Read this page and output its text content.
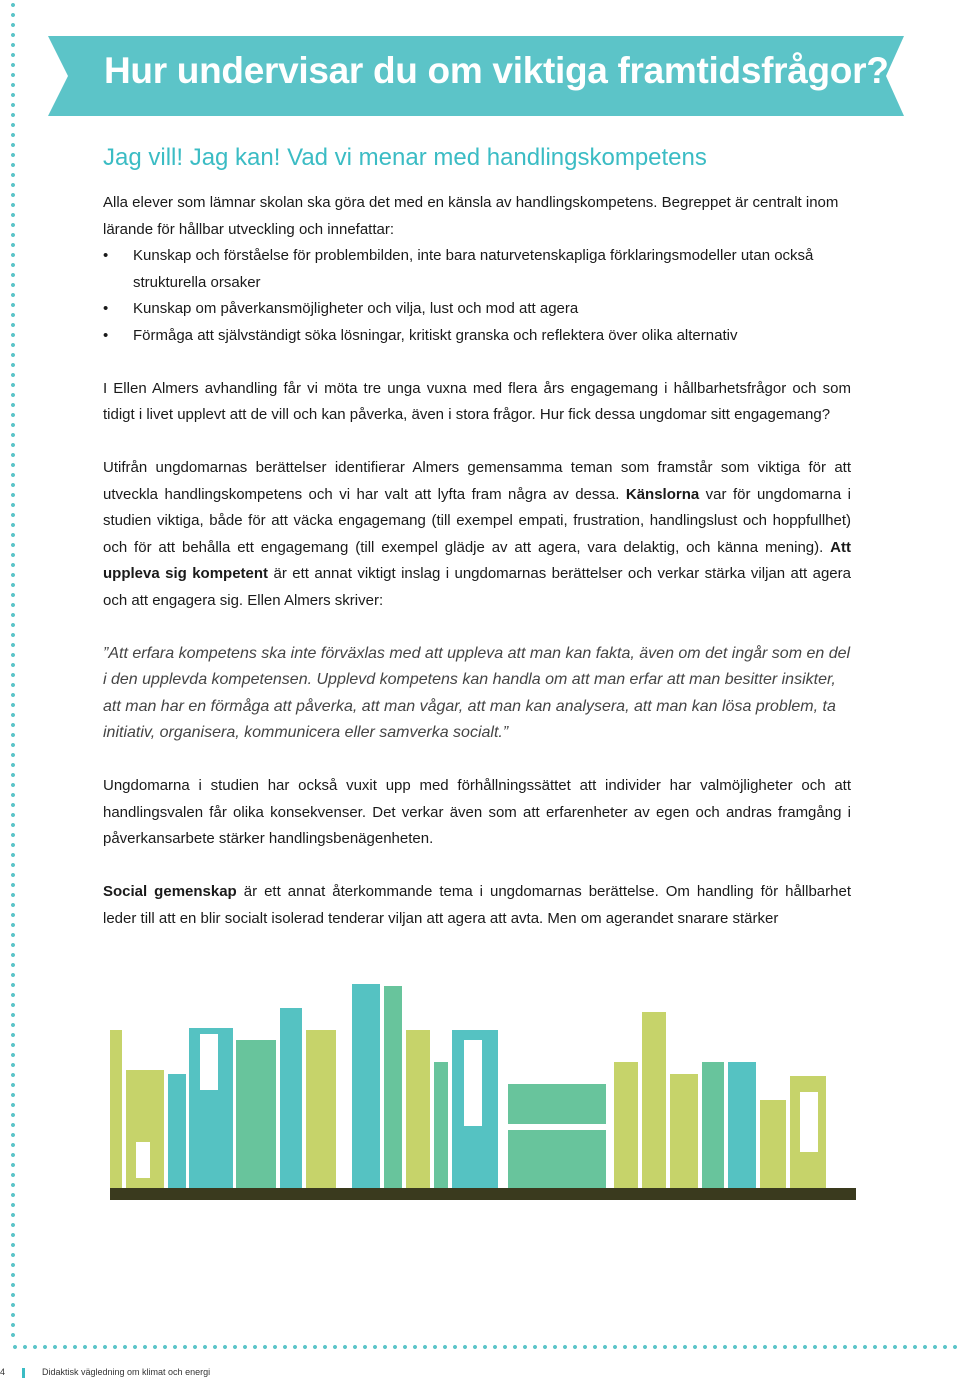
Hur undervisar du om viktiga framtidsfrågor?
Jag vill! Jag kan! Vad vi menar med handlingskompetens

Alla elever som lämnar skolan ska göra det med en känsla av handlingskompetens. Begreppet är centralt inom lärande för hållbar utveckling och innefattar:

• Kunskap och förståelse för problembilden, inte bara naturvetenskapliga förklaringsmodeller utan också strukturella orsaker
• Kunskap om påverkansmöjligheter och vilja, lust och mod att agera
• Förmåga att självständigt söka lösningar, kritiskt granska och reflektera över olika alternativ

I Ellen Almers avhandling får vi möta tre unga vuxna med flera års engagemang i hållbarhetsfrågor och som tidigt i livet upplevt att de vill och kan påverka, även i stora frågor. Hur fick dessa ungdomar sitt engagemang?

Utifrån ungdomarnas berättelser identifierar Almers gemensamma teman som framstår som viktiga för att utveckla handlingskompetens och vi har valt att lyfta fram några av dessa. Känslorna var för ungdomarna i studien viktiga, både för att väcka engagemang (till exempel empati, frustration, handlingslust och hoppfullhet) och för att behålla ett engagemang (till exempel glädje av att agera, vara delaktig, och känna mening). Att uppleva sig kompetent är ett annat viktigt inslag i ungdomarnas berättelser och verkar stärka viljan att agera och att engagera sig. Ellen Almers skriver:

”Att erfara kompetens ska inte förväxlas med att uppleva att man kan fakta, även om det ingår som en del i den upplevda kompetensen. Upplevd kompetens kan handla om att man erfar att man besitter insikter, att man har en förmåga att påverka, att man vågar, att man kan analysera, att man kan lösa problem, ta initiativ, organisera, kommunicera eller samverka socialt.”

Ungdomarna i studien har också vuxit upp med förhållningssättet att individer har valmöjligheter och att handlingsvalen får olika konsekvenser. Det verkar även som att erfarenheter av egen och andras framgång i påverkansarbete stärker handlingsbenägenheten.

Social gemenskap är ett annat återkommande tema i ungdomarnas berättelse. Om handling för hållbarhet leder till att en blir socialt isolerad tenderar viljan att agera att avta. Men om agerandet snarare stärker

4	Didaktisk vägledning om klimat och energi
